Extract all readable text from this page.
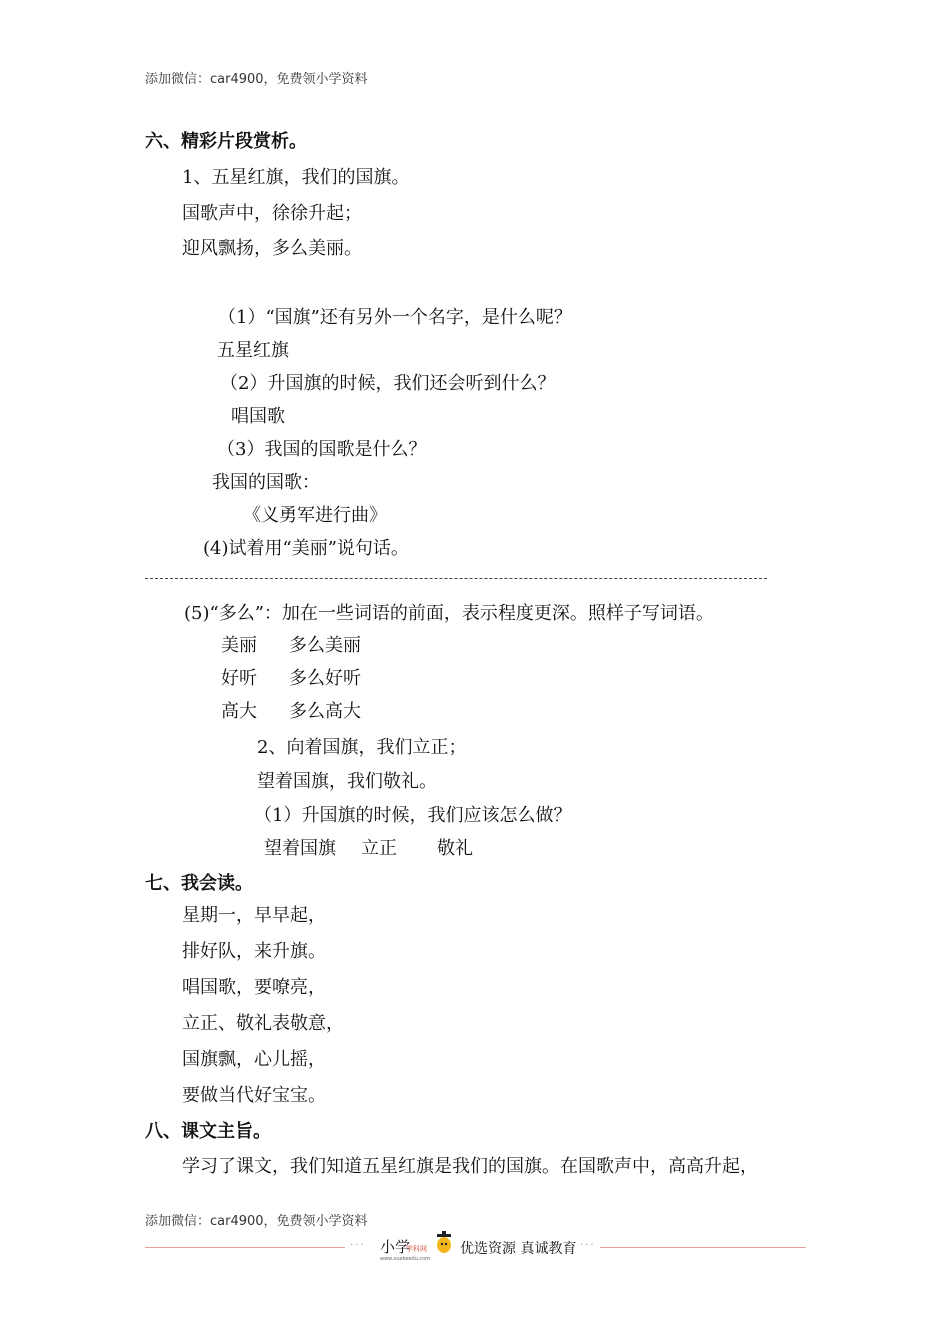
添加微信：car4900，免费领小学资料
六、精彩片段赏析。
1、五星红旗，我们的国旗。
国歌声中，徐徐升起；
迎风飘扬，多么美丽。
（1）“国旗”还有另外一个名字，是什么呢？
五星红旗
（2）升国旗的时候，我们还会听到什么？
唱国歌
（3）我国的国歌是什么？
我国的国歌：
《义勇军进行曲》
(4)试着用“美丽”说句话。
(5)“多么”：加在一些词语的前面，表示程度更深。照样子写词语。
美丽 多么美丽
好听 多么好听
高大 多么高大
2、向着国旗，我们立正；
望着国旗，我们敬礼。
（1）升国旗的时候，我们应该怎么做？
望着国旗 立正 敬礼
七、我会读。
星期一，早早起，
排好队，来升旗。
唱国歌，要嘹亮，
立正、敬礼表敬意，
国旗飘，心儿摇，
要做当代好宝宝。
八、课文主旨。
学习了课文，我们知道五星红旗是我们的国旗。在国歌声中，高高升起，
添加微信：car4900，免费领小学资料
··· 小学
学科网
www.xuekeedu.com
优选资源 真诚教育 ···
